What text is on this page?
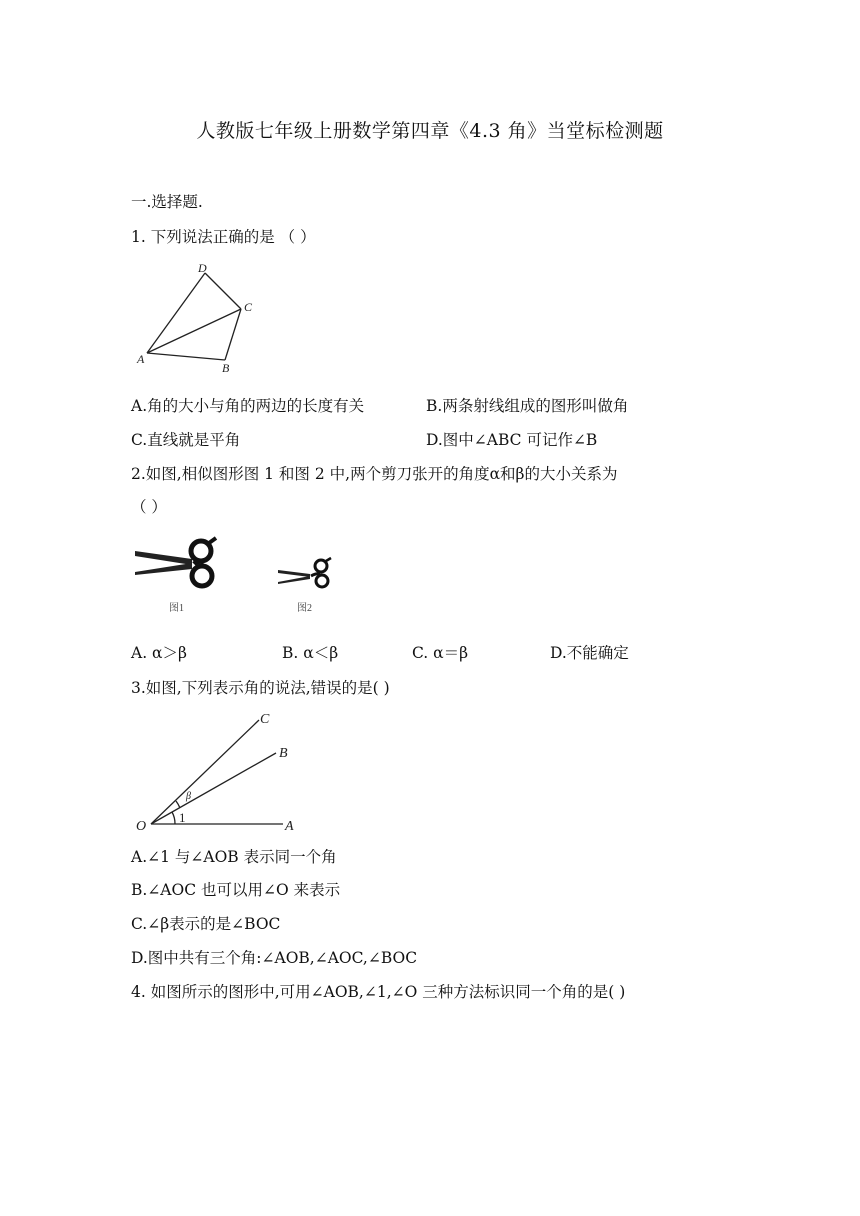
人教版七年级上册数学第四章《4.3 角》当堂标检测题
一.选择题.
1. 下列说法正确的是 （ ）
D
C
A
B
A.角的大小与角的两边的长度有关	B.两条射线组成的图形叫做角
C.直线就是平角	D.图中∠ABC 可记作∠B
2.如图,相似图形图 1 和图 2 中,两个剪刀张开的角度α和β的大小关系为
（ ）
图1	图2
A. α＞β	B. α＜β	C. α＝β	D.不能确定
3.如图,下列表示角的说法,错误的是( )
O	A
B
C
β
1
A.∠1 与∠AOB 表示同一个角
B.∠AOC 也可以用∠O 来表示
C.∠β表示的是∠BOC
D.图中共有三个角:∠AOB,∠AOC,∠BOC
4. 如图所示的图形中,可用∠AOB,∠1,∠O 三种方法标识同一个角的是( )
